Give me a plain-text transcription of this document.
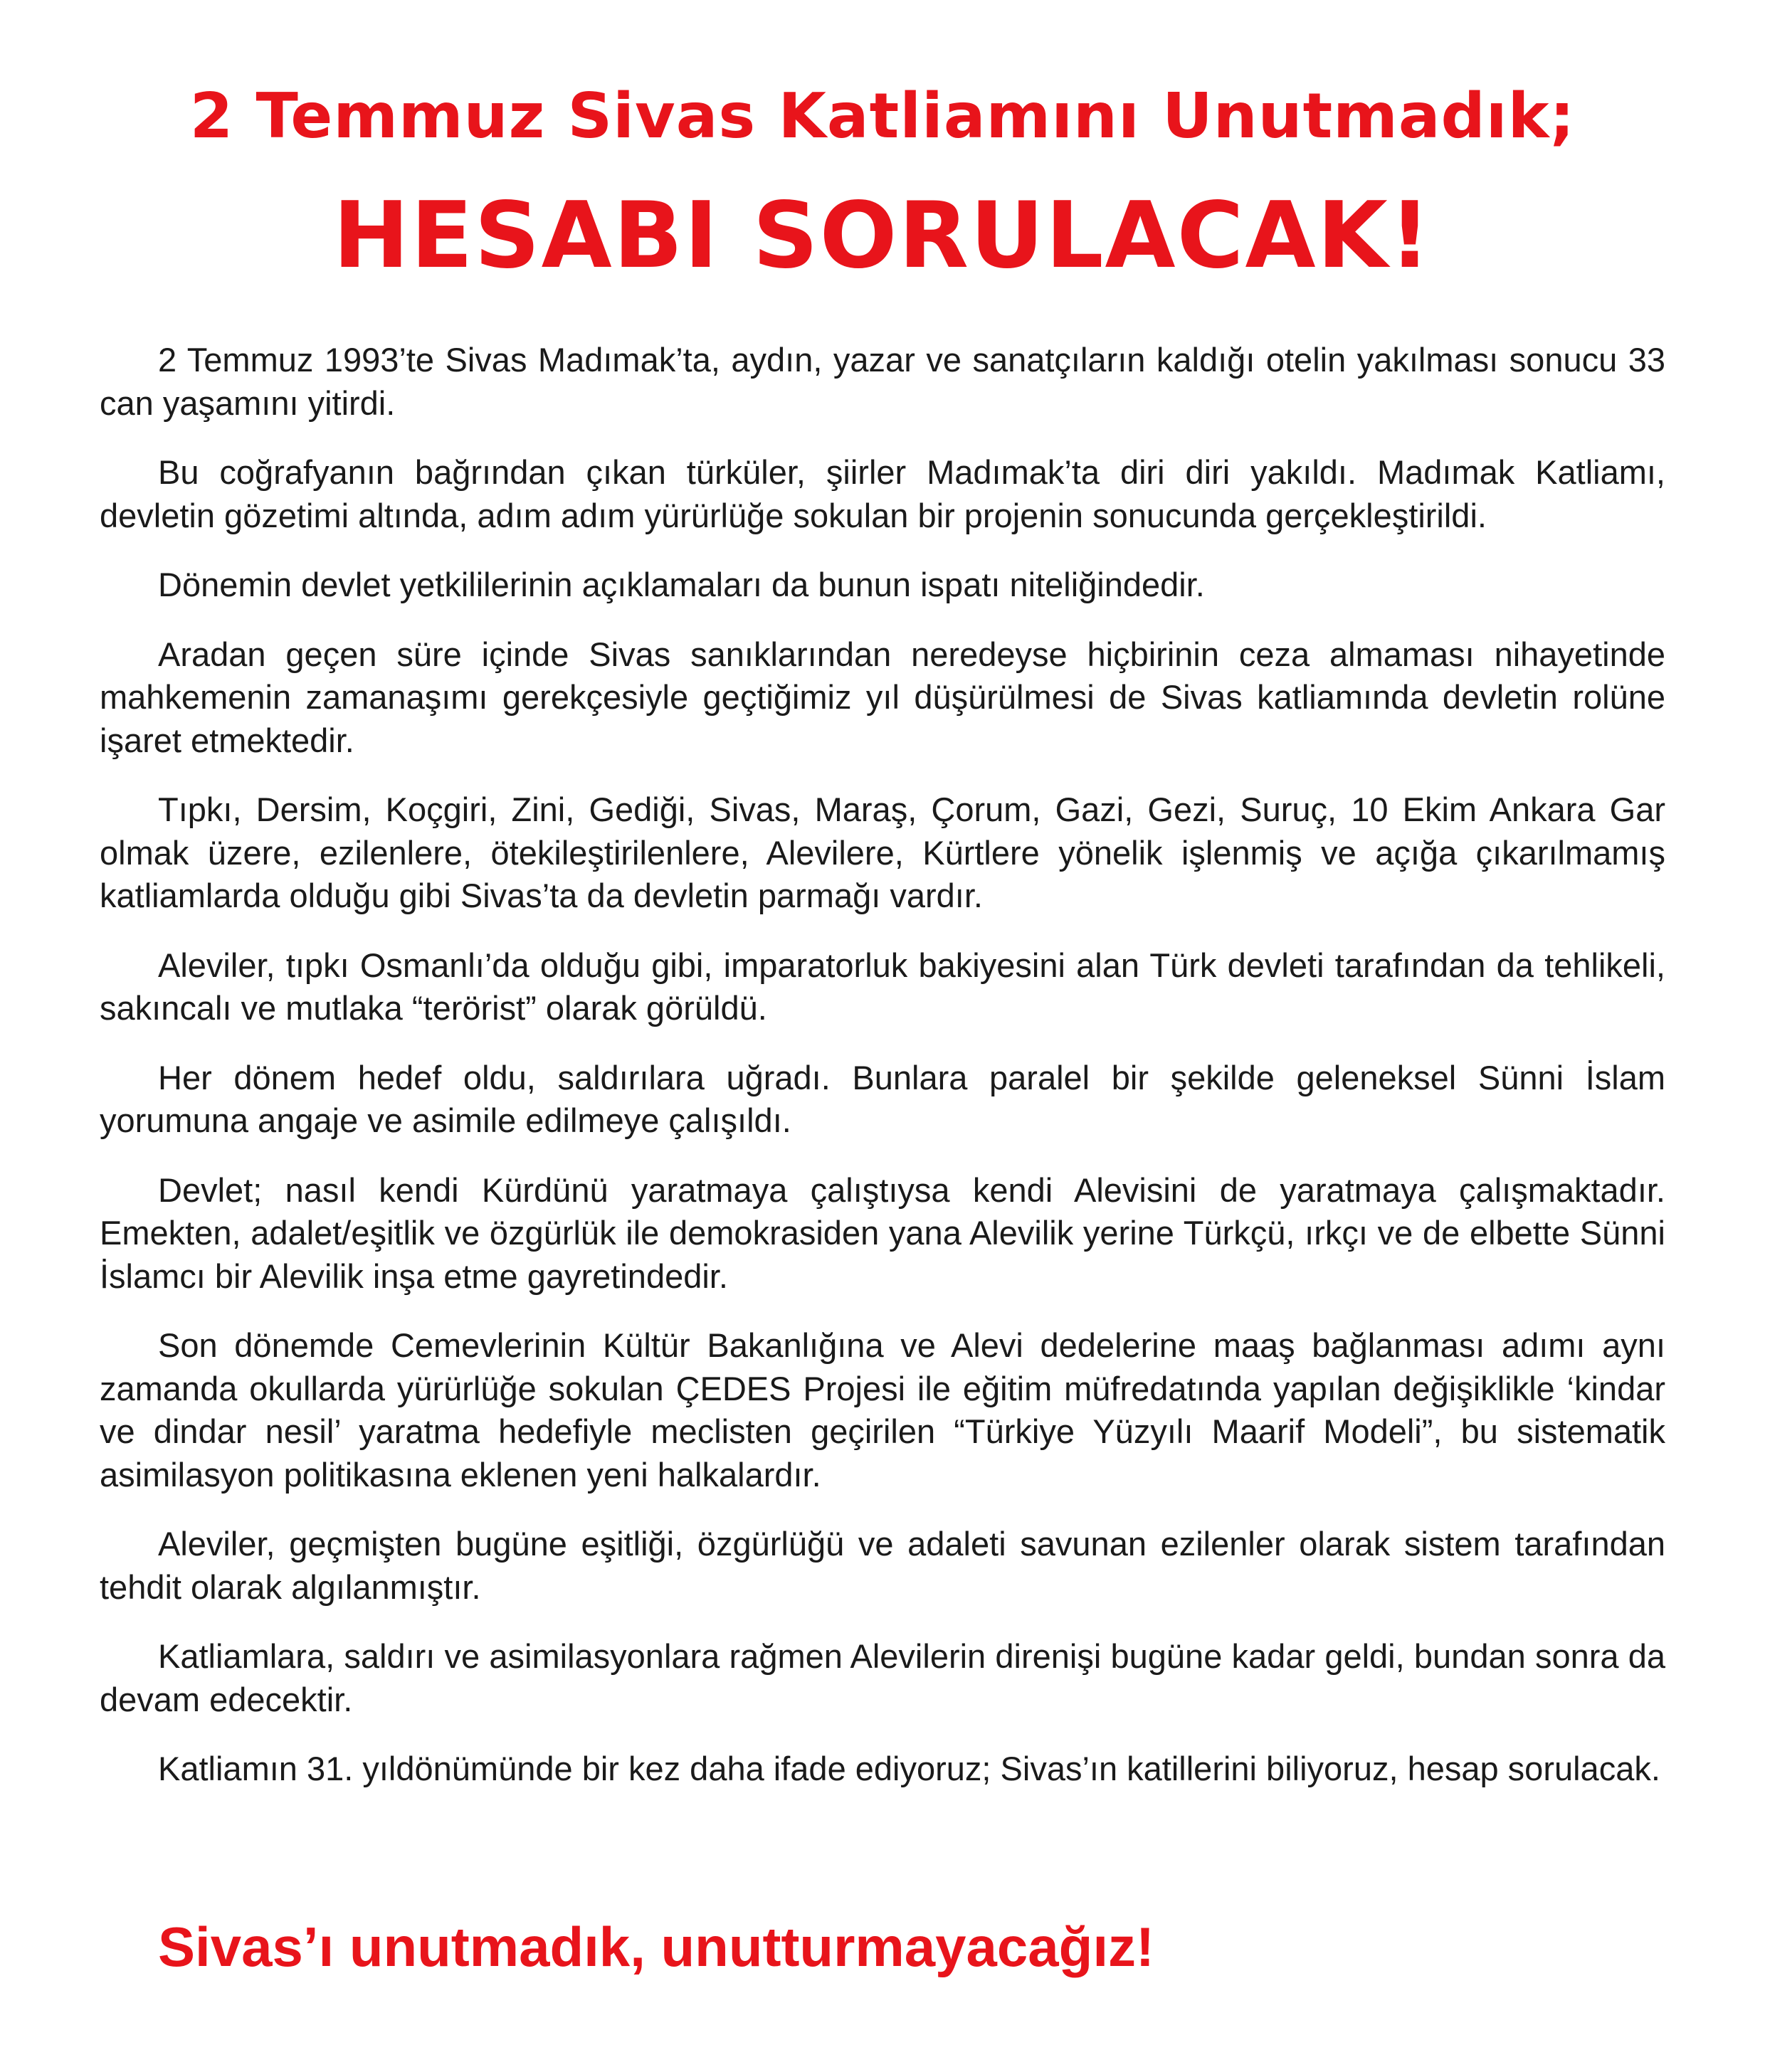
2 Temmuz Sivas Katliamını Unutmadık;
HESABI SORULACAK!

2 Temmuz 1993’te Sivas Madımak’ta, aydın, yazar ve sanatçıların kaldığı otelin yakılması sonucu 33 can yaşamını yitirdi.

Bu coğrafyanın bağrından çıkan türküler, şiirler Madımak’ta diri diri yakıldı. Madımak Katliamı, devletin gözetimi altında, adım adım yürürlüğe sokulan bir projenin sonucunda gerçekleştirildi.

Dönemin devlet yetkililerinin açıklamaları da bunun ispatı niteliğindedir.

Aradan geçen süre içinde Sivas sanıklarından neredeyse hiçbirinin ceza almaması nihayetinde mahkemenin zamanaşımı gerekçesiyle geçtiğimiz yıl düşürülmesi de Sivas katliamında devletin rolüne işaret etmektedir.

Tıpkı, Dersim, Koçgiri, Zini, Gediği, Sivas, Maraş, Çorum, Gazi, Gezi, Suruç, 10 Ekim Ankara Gar olmak üzere, ezilenlere, ötekileştirilenlere, Alevilere, Kürtlere yönelik işlenmiş ve açığa çıkarılmamış katliamlarda olduğu gibi Sivas’ta da devletin parmağı vardır.

Aleviler, tıpkı Osmanlı’da olduğu gibi, imparatorluk bakiyesini alan Türk devleti tarafından da tehlikeli, sakıncalı ve mutlaka “terörist” olarak görüldü.

Her dönem hedef oldu, saldırılara uğradı. Bunlara paralel bir şekilde geleneksel Sünni İslam yorumuna angaje ve asimile edilmeye çalışıldı.

Devlet; nasıl kendi Kürdünü yaratmaya çalıştıysa kendi Alevisini de yaratmaya çalışmaktadır. Emekten, adalet/eşitlik ve özgürlük ile demokrasiden yana Alevilik yerine Türkçü, ırkçı ve de elbette Sünni İslamcı bir Alevilik inşa etme gayretindedir.

Son dönemde Cemevlerinin Kültür Bakanlığına ve Alevi dedelerine maaş bağlanması adımı aynı zamanda okullarda yürürlüğe sokulan ÇEDES Projesi ile eğitim müfredatında yapılan değişiklikle ‘kindar ve dindar nesil’ yaratma hedefiyle meclisten geçirilen “Türkiye Yüzyılı Maarif Modeli”, bu sistematik asimilasyon politikasına eklenen yeni halkalardır.

Aleviler, geçmişten bugüne eşitliği, özgürlüğü ve adaleti savunan ezilenler olarak sistem tarafından tehdit olarak algılanmıştır.

Katliamlara, saldırı ve asimilasyonlara rağmen Alevilerin direnişi bugüne kadar geldi, bundan sonra da devam edecektir.

Katliamın 31. yıldönümünde bir kez daha ifade ediyoruz; Sivas’ın katillerini biliyoruz, hesap sorulacak.

Sivas’ı unutmadık, unutturmayacağız!
